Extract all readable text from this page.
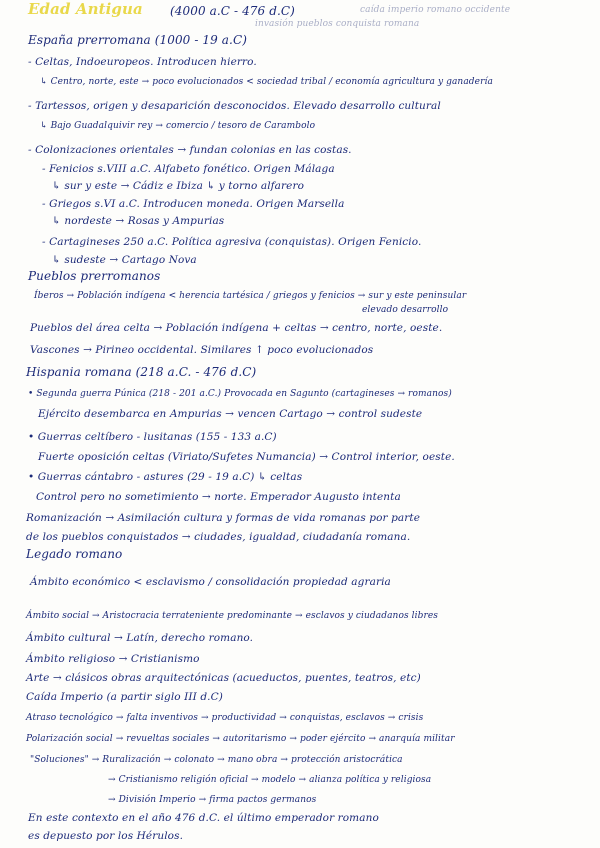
Edad Antigua (4000 a.C - 476 d.C)	caída imperio romano occidente
invasión pueblos conquista romana
España prerromana (1000 - 19 a.C)
- Celtas, Indoeuropeos. Introducen hierro.
↳ Centro, norte, este → poco evolucionados < sociedad tribal / economía agricultura y ganadería
- Tartessos, origen y desaparición desconocidos. Elevado desarrollo cultural
↳ Bajo Guadalquivir rey → comercio / tesoro de Carambolo
- Colonizaciones orientales → fundan colonias en las costas.
- Fenicios s.VIII a.C. Alfabeto fonético. Origen Málaga
↳ sur y este → Cádiz e Ibiza ↳ y torno alfarero
- Griegos s.VI a.C. Introducen moneda. Origen Marsella
↳ nordeste → Rosas y Ampurias
- Cartagineses 250 a.C. Política agresiva (conquistas). Origen Fenicio.
↳ sudeste → Cartago Nova
Pueblos prerromanos
Íberos → Población indígena < herencia tartésica / griegos y fenicios → sur y este peninsular
elevado desarrollo
Pueblos del área celta → Población indígena + celtas → centro, norte, oeste.
Vascones → Pirineo occidental. Similares ↑ poco evolucionados
Hispania romana (218 a.C. - 476 d.C)
• Segunda guerra Púnica (218 - 201 a.C.) Provocada en Sagunto (cartagineses → romanos)
Ejército desembarca en Ampurias → vencen Cartago → control sudeste
• Guerras celtíbero - lusitanas (155 - 133 a.C)
Fuerte oposición celtas (Viriato/Sufetes Numancia) → Control interior, oeste.
• Guerras cántabro - astures (29 - 19 a.C) ↳ celtas
Control pero no sometimiento → norte. Emperador Augusto intenta
Romanización → Asimilación cultura y formas de vida romanas por parte
de los pueblos conquistados → ciudades, igualdad, ciudadanía romana.
Legado romano
Ámbito económico < esclavismo / consolidación propiedad agraria
Ámbito social → Aristocracia terrateniente predominante → esclavos y ciudadanos libres
Ámbito cultural → Latín, derecho romano.
Ámbito religioso → Cristianismo
Arte → clásicos obras arquitectónicas (acueductos, puentes, teatros, etc)
Caída Imperio (a partir siglo III d.C)
Atraso tecnológico → falta inventivos → productividad → conquistas, esclavos → crisis
Polarización social → revueltas sociales → autoritarismo → poder ejército → anarquía militar
"Soluciones" → Ruralización → colonato → mano obra → protección aristocrática
→ Cristianismo religión oficial → modelo → alianza política y religiosa
→ División Imperio → firma pactos germanos
En este contexto en el año 476 d.C. el último emperador romano
es depuesto por los Hérulos.
